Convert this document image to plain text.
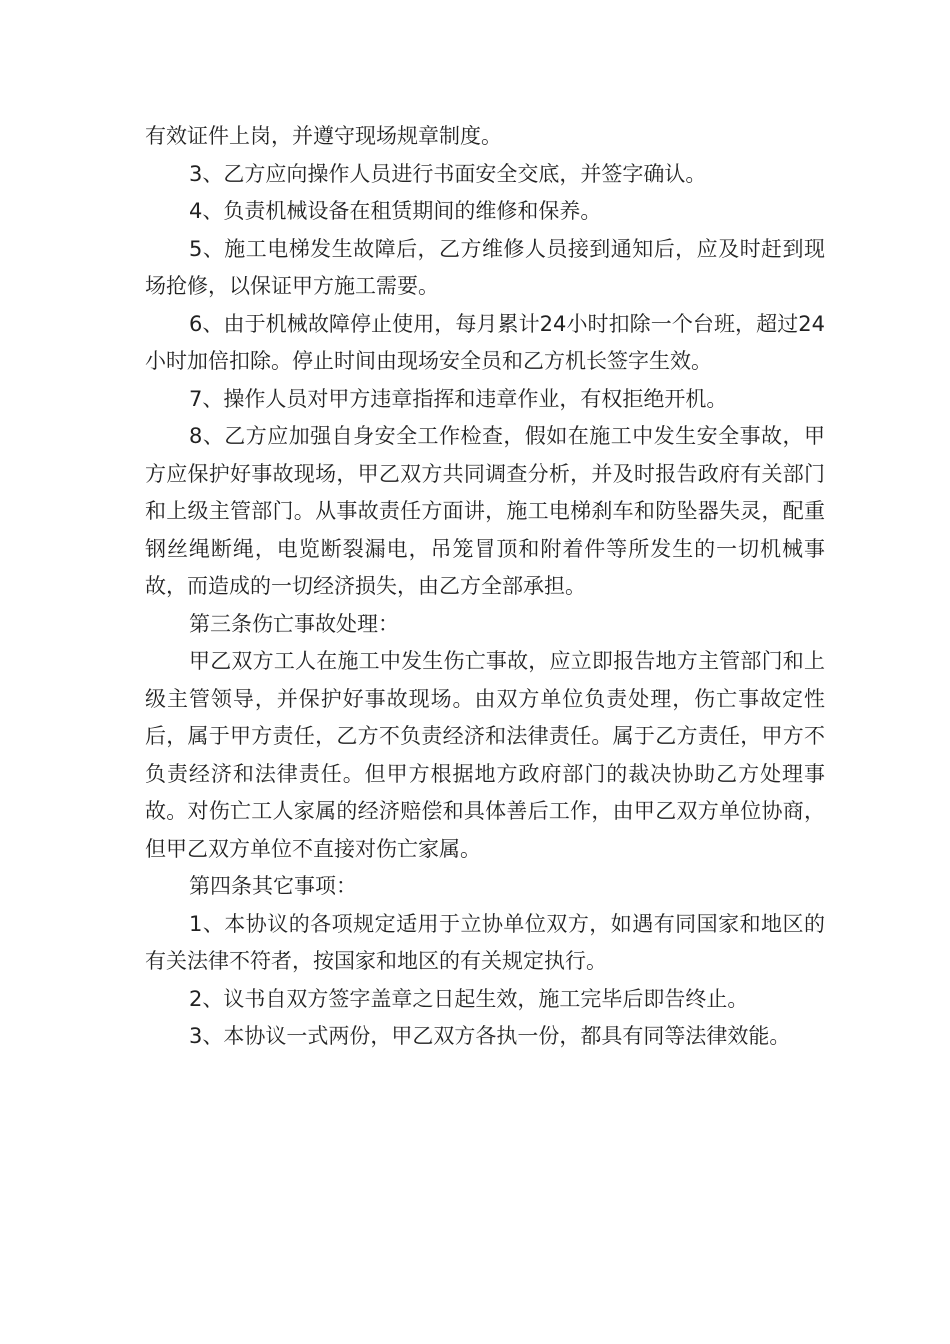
有效证件上岗，并遵守现场规章制度。

3、乙方应向操作人员进行书面安全交底，并签字确认。

4、负责机械设备在租赁期间的维修和保养。

5、施工电梯发生故障后，乙方维修人员接到通知后，应及时赶到现场抢修，以保证甲方施工需要。

6、由于机械故障停止使用，每月累计24小时扣除一个台班，超过24小时加倍扣除。停止时间由现场安全员和乙方机长签字生效。

7、操作人员对甲方违章指挥和违章作业，有权拒绝开机。

8、乙方应加强自身安全工作检查，假如在施工中发生安全事故，甲方应保护好事故现场，甲乙双方共同调查分析，并及时报告政府有关部门和上级主管部门。从事故责任方面讲，施工电梯刹车和防坠器失灵，配重钢丝绳断绳，电览断裂漏电，吊笼冒顶和附着件等所发生的一切机械事故，而造成的一切经济损失，由乙方全部承担。

第三条伤亡事故处理：

甲乙双方工人在施工中发生伤亡事故，应立即报告地方主管部门和上级主管领导，并保护好事故现场。由双方单位负责处理，伤亡事故定性后，属于甲方责任，乙方不负责经济和法律责任。属于乙方责任，甲方不负责经济和法律责任。但甲方根据地方政府部门的裁决协助乙方处理事故。对伤亡工人家属的经济赔偿和具体善后工作，由甲乙双方单位协商，但甲乙双方单位不直接对伤亡家属。

第四条其它事项：

1、本协议的各项规定适用于立协单位双方，如遇有同国家和地区的有关法律不符者，按国家和地区的有关规定执行。

2、议书自双方签字盖章之日起生效，施工完毕后即告终止。

3、本协议一式两份，甲乙双方各执一份，都具有同等法律效能。
